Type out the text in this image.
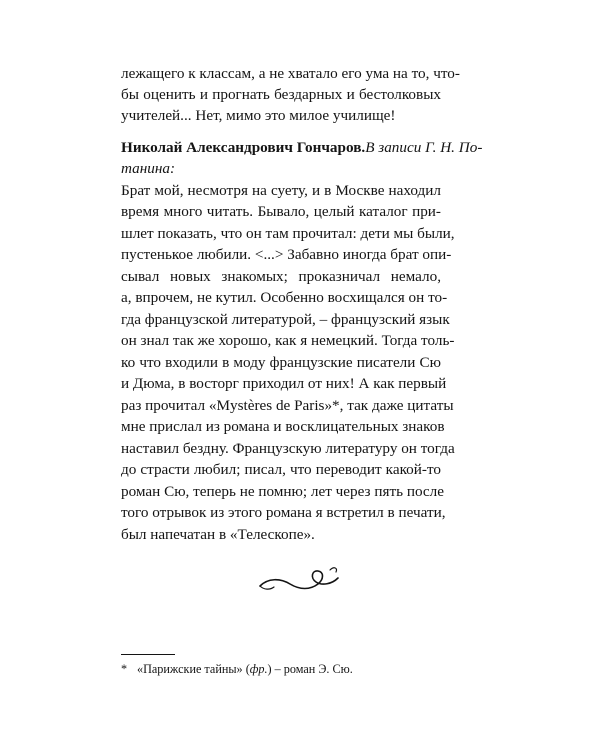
лежащего к классам, а не хватало его ума на то, что-
бы оценить и прогнать бездарных и бестолковых
учителей... Нет, мимо это милое училище!
Николай Александрович Гончаров. В записи Г. Н. По-
танина:
Брат мой, несмотря на суету, и в Москве находил
время много читать. Бывало, целый каталог при-
шлет показать, что он там прочитал: дети мы были,
пустенькое любили. <...> Забавно иногда брат опи-
сывал новых знакомых; проказничал немало,
а, впрочем, не кутил. Особенно восхищался он то-
гда французской литературой, – французский язык
он знал так же хорошо, как я немецкий. Тогда толь-
ко что входили в моду французские писатели Сю
и Дюма, в восторг приходил от них! А как первый
раз прочитал «Mystères de Paris»*, так даже цитаты
мне прислал из романа и восклицательных знаков
наставил бездну. Французскую литературу он тогда
до страсти любил; писал, что переводит какой-то
роман Сю, теперь не помню; лет через пять после
того отрывок из этого романа я встретил в печати,
был напечатан в «Телескопе».
* «Парижские тайны» (фр.) – роман Э. Сю.
